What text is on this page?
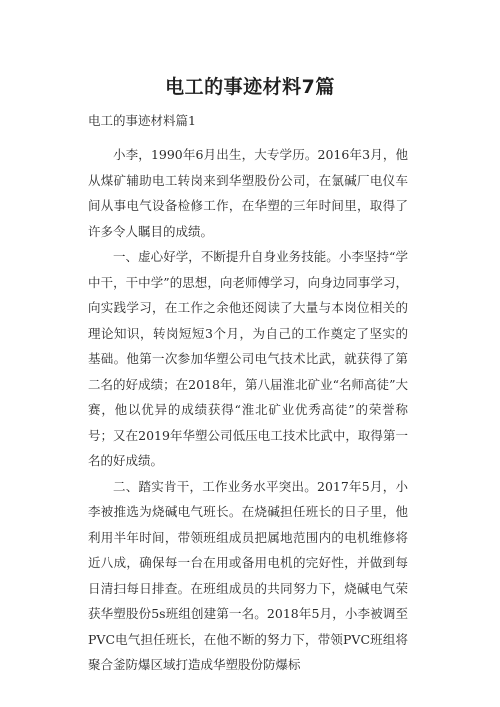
电工的事迹材料7篇

电工的事迹材料篇1

小李，1990年6月出生，大专学历。2016年3月，他从煤矿辅助电工转岗来到华塑股份公司，在氯碱厂电仪车间从事电气设备检修工作，在华塑的三年时间里，取得了许多令人瞩目的成绩。

一、虚心好学，不断提升自身业务技能。小李坚持“学中干，干中学”的思想，向老师傅学习，向身边同事学习，向实践学习，在工作之余他还阅读了大量与本岗位相关的理论知识，转岗短短3个月，为自己的工作奠定了坚实的基础。他第一次参加华塑公司电气技术比武，就获得了第二名的好成绩；在2018年，第八届淮北矿业“名师高徒”大赛，他以优异的成绩获得“淮北矿业优秀高徒”的荣誉称号；又在2019年华塑公司低压电工技术比武中，取得第一名的好成绩。

二、踏实肯干，工作业务水平突出。2017年5月，小李被推选为烧碱电气班长。在烧碱担任班长的日子里，他利用半年时间，带领班组成员把属地范围内的电机维修将近八成，确保每一台在用或备用电机的完好性，并做到每日清扫每日排查。在班组成员的共同努力下，烧碱电气荣获华塑股份5s班组创建第一名。2018年5月，小李被调至PVC电气担任班长，在他不断的努力下，带领PVC班组将聚合釜防爆区域打造成华塑股份防爆标
